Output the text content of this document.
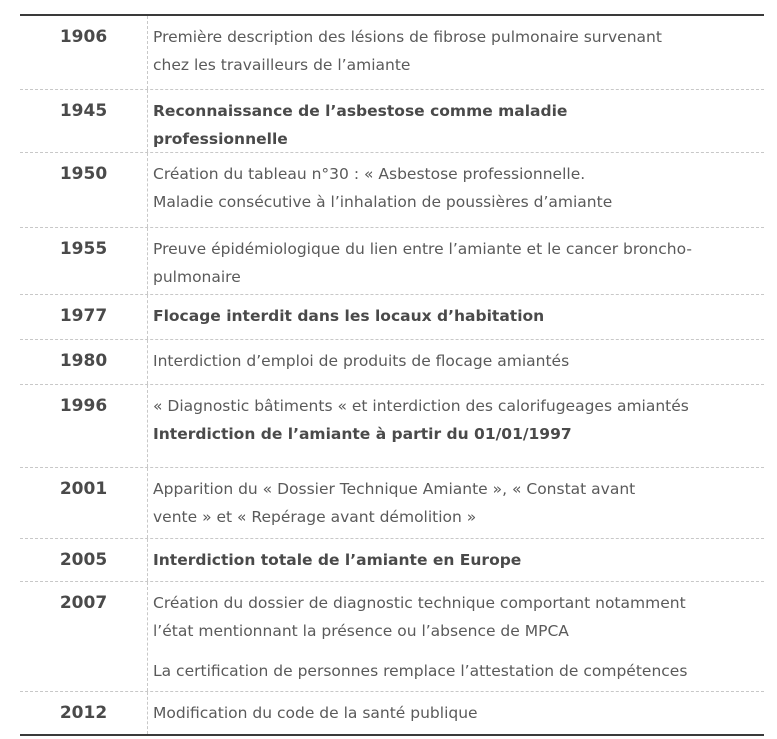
1906	Première description des lésions de fibrose pulmonaire survenant
chez les travailleurs de l’amiante
1945	Reconnaissance de l’asbestose comme maladie
professionnelle
1950	Création du tableau n°30 : « Asbestose professionnelle.
Maladie consécutive à l’inhalation de poussières d’amiante
1955	Preuve épidémiologique du lien entre l’amiante et le cancer broncho-
pulmonaire
1977	Flocage interdit dans les locaux d’habitation
1980	Interdiction d’emploi de produits de flocage amiantés
1996	« Diagnostic bâtiments « et interdiction des calorifugeages amiantés
Interdiction de l’amiante à partir du 01/01/1997
2001	Apparition du « Dossier Technique Amiante », « Constat avant
vente » et « Repérage avant démolition »
2005	Interdiction totale de l’amiante en Europe
2007	Création du dossier de diagnostic technique comportant notamment
l’état mentionnant la présence ou l’absence de MPCA
La certification de personnes remplace l’attestation de compétences
2012	Modification du code de la santé publique
